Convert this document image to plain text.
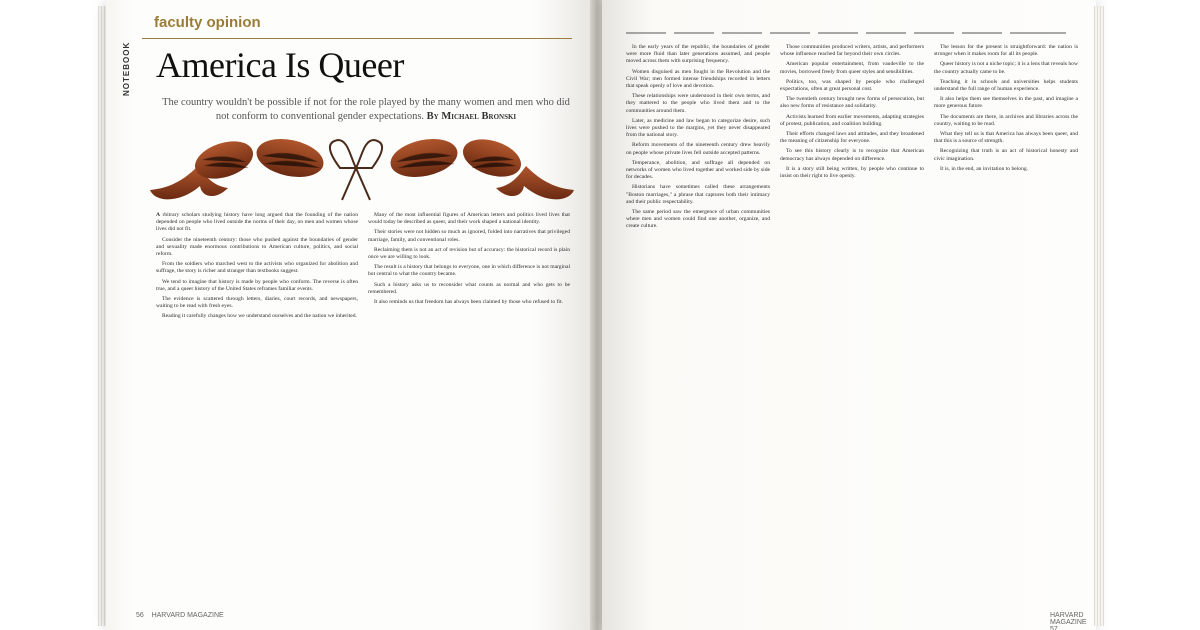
NOTEBOOK
faculty opinion
America Is Queer
The country wouldn't be possible if not for the role played by the many women and men who did not conform to conventional gender expectations. By Michael Bronski

A rbitrary scholars studying history have long argued that the founding of the nation depended on people who lived outside the norms of their day, on men and women whose lives did not fit.

Consider the nineteenth century: those who pushed against the boundaries of gender and sexuality made enormous contributions to American culture, politics, and social reform.

From the soldiers who marched west to the activists who organized for abolition and suffrage, the story is richer and stranger than textbooks suggest.

We tend to imagine that history is made by people who conform. The reverse is often true, and a queer history of the United States reframes familiar events.

The evidence is scattered through letters, diaries, court records, and newspapers, waiting to be read with fresh eyes.

Reading it carefully changes how we understand ourselves and the nation we inherited.

Many of the most influential figures of American letters and politics lived lives that would today be described as queer, and their work shaped a national identity.

Their stories were not hidden so much as ignored, folded into narratives that privileged marriage, family, and conventional roles.

Reclaiming them is not an act of revision but of accuracy: the historical record is plain once we are willing to look.

The result is a history that belongs to everyone, one in which difference is not marginal but central to what the country became.

Such a history asks us to reconsider what counts as normal and who gets to be remembered.

It also reminds us that freedom has always been claimed by those who refused to fit.

56 HARVARD MAGAZINE

In the early years of the republic, the boundaries of gender were more fluid than later generations assumed, and people moved across them with surprising frequency.

Women disguised as men fought in the Revolution and the Civil War; men formed intense friendships recorded in letters that speak openly of love and devotion.

These relationships were understood in their own terms, and they mattered to the people who lived them and to the communities around them.

Later, as medicine and law began to categorize desire, such lives were pushed to the margins, yet they never disappeared from the national story.

Reform movements of the nineteenth century drew heavily on people whose private lives fell outside accepted patterns.

Temperance, abolition, and suffrage all depended on networks of women who lived together and worked side by side for decades.

Historians have sometimes called these arrangements "Boston marriages," a phrase that captures both their intimacy and their public respectability.

The same period saw the emergence of urban communities where men and women could find one another, organize, and create culture.

Those communities produced writers, artists, and performers whose influence reached far beyond their own circles.

American popular entertainment, from vaudeville to the movies, borrowed freely from queer styles and sensibilities.

Politics, too, was shaped by people who challenged expectations, often at great personal cost.

The twentieth century brought new forms of persecution, but also new forms of resistance and solidarity.

Activists learned from earlier movements, adapting strategies of protest, publication, and coalition building.

Their efforts changed laws and attitudes, and they broadened the meaning of citizenship for everyone.

To see this history clearly is to recognize that American democracy has always depended on difference.

It is a story still being written, by people who continue to insist on their right to live openly.

The lesson for the present is straightforward: the nation is stronger when it makes room for all its people.

Queer history is not a niche topic; it is a lens that reveals how the country actually came to be.

Teaching it in schools and universities helps students understand the full range of human experience.

It also helps them see themselves in the past, and imagine a more generous future.

The documents are there, in archives and libraries across the country, waiting to be read.

What they tell us is that America has always been queer, and that this is a source of strength.

Recognizing that truth is an act of historical honesty and civic imagination.

It is, in the end, an invitation to belong.

HARVARD MAGAZINE    57
